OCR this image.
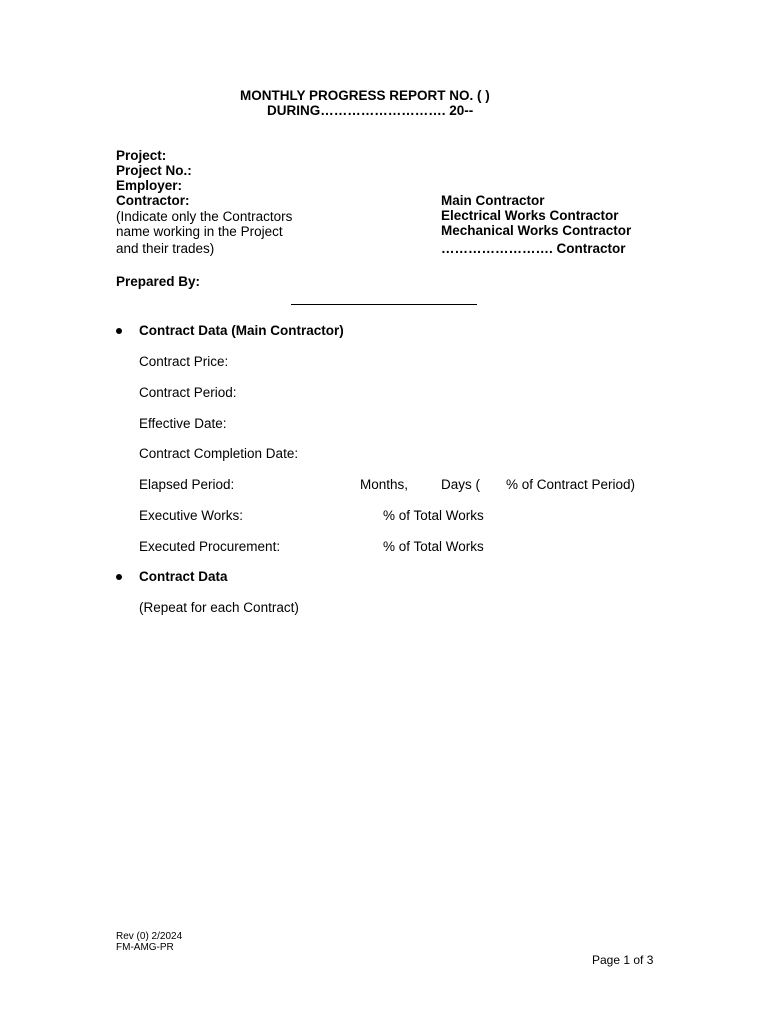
MONTHLY PROGRESS REPORT NO. ( )
DURING………………………. 20--
Project:
Project No.:
Employer:
Contractor:
(Indicate only the Contractors
name working in the Project
and their trades)
Main Contractor
Electrical Works Contractor
Mechanical Works Contractor
……………………. Contractor
Prepared By:
Contract Data (Main Contractor)
Contract Price:
Contract Period:
Effective Date:
Contract Completion Date:
Elapsed Period:	Months, Days ( % of Contract Period)
Executive Works:	% of Total Works
Executed Procurement:	% of Total Works
Contract Data
(Repeat for each Contract)
Rev (0) 2/2024
FM-AMG-PR
Page 1 of 3
